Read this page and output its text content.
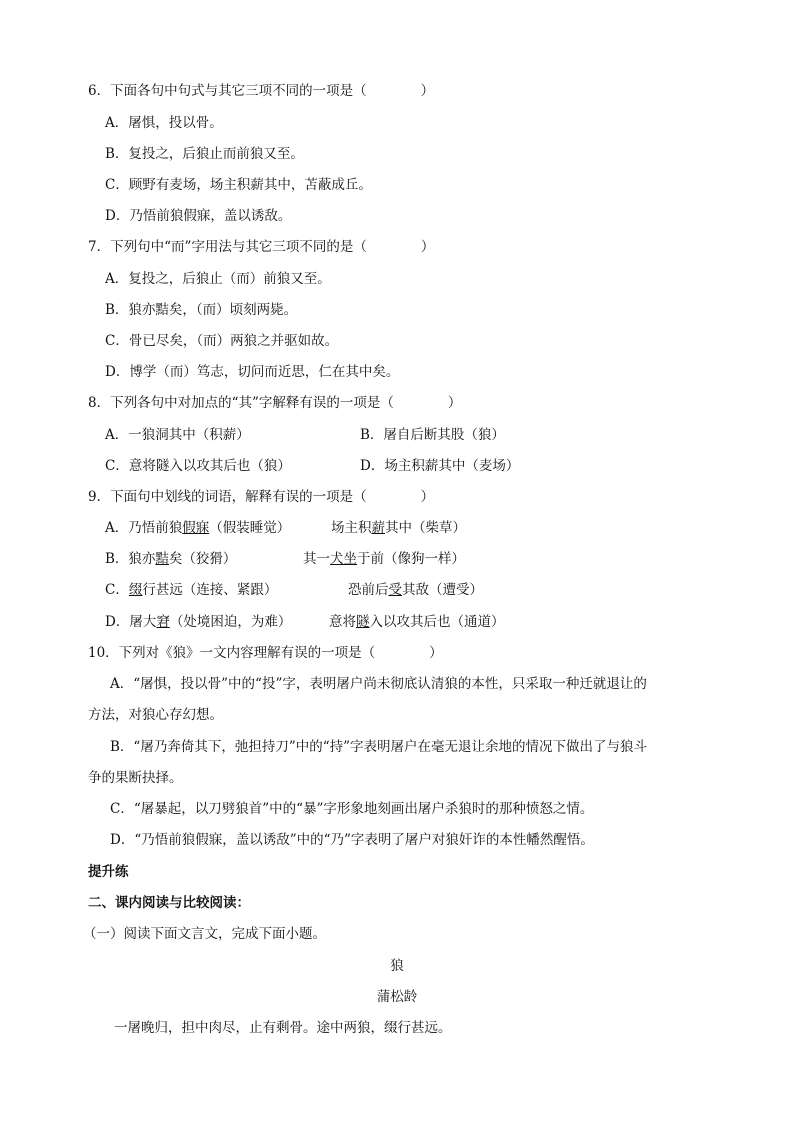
6．下面各句中句式与其它三项不同的一项是（　　　　）
A．屠惧，投以骨。
B．复投之，后狼止而前狼又至。
C．顾野有麦场，场主积薪其中，苫蔽成丘。
D．乃悟前狼假寐，盖以诱敌。
7．下列句中“而”字用法与其它三项不同的是（　　　　）
A．复投之，后狼止（而）前狼又至。
B．狼亦黠矣，（而）顷刻两毙。
C．骨已尽矣，（而）两狼之并驱如故。
D．博学（而）笃志，切问而近思，仁在其中矣。
8．下列各句中对加点的“其”字解释有误的一项是（　　　　）
A．一狼洞其中（积薪）	B．屠自后断其股（狼）
C．意将隧入以攻其后也（狼）	D．场主积薪其中（麦场）
9．下面句中划线的词语，解释有误的一项是（　　　　）
A．乃悟前狼假寐（假装睡觉）	场主积薪其中（柴草）
B．狼亦黠矣（狡猾）	其一犬坐于前（像狗一样）
C．缀行甚远（连接、紧跟）	恐前后受其敌（遭受）
D．屠大窘（处境困迫，为难）	意将隧入以攻其后也（通道）
10．下列对《狼》一文内容理解有误的一项是（　　　　）
A．“屠惧，投以骨”中的“投”字，表明屠户尚未彻底认清狼的本性，只采取一种迁就退让的
方法，对狼心存幻想。
B．“屠乃奔倚其下，弛担持刀”中的“持”字表明屠户在毫无退让余地的情况下做出了与狼斗
争的果断抉择。
C．“屠暴起，以刀劈狼首”中的“暴”字形象地刻画出屠户杀狼时的那种愤怒之情。
D．“乃悟前狼假寐，盖以诱敌”中的“乃”字表明了屠户对狼奸诈的本性幡然醒悟。
提升练
二、课内阅读与比较阅读：
（一）阅读下面文言文，完成下面小题。
狼
蒲松龄
一屠晚归，担中肉尽，止有剩骨。途中两狼，缀行甚远。
